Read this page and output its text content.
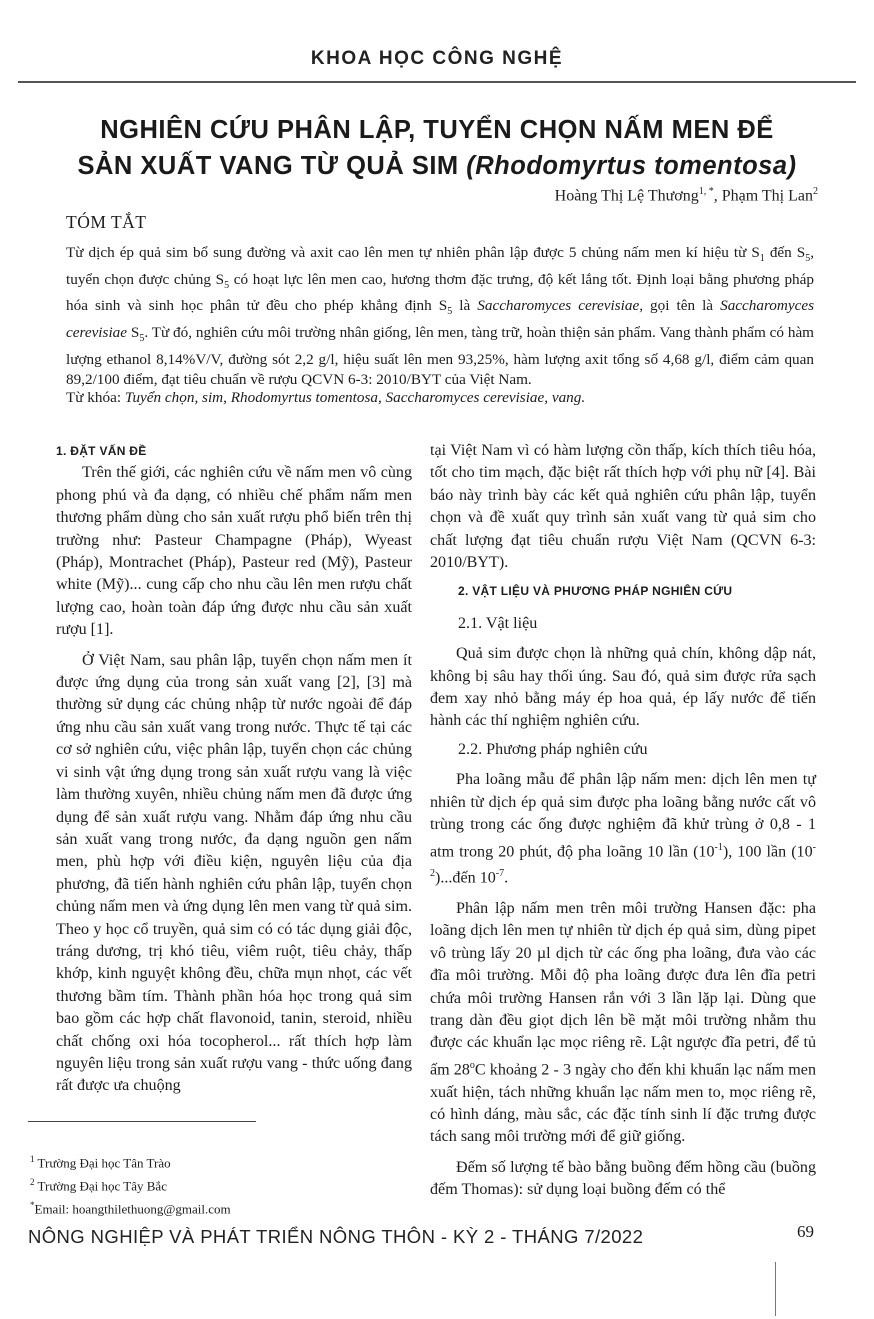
KHOA HỌC CÔNG NGHỆ
NGHIÊN CỨU PHÂN LẬP, TUYỂN CHỌN NẤM MEN ĐỂ
SẢN XUẤT VANG TỪ QUẢ SIM (Rhodomyrtus tomentosa)
Hoàng Thị Lệ Thương$^{1, *}$, Phạm Thị Lan$^2$
TÓM TẮT
Từ dịch ép quả sim bổ sung đường và axit cao lên men tự nhiên phân lập được 5 chủng nấm men kí hiệu từ $S_1$ đến $S_5$, tuyển chọn được chủng $S_5$ có hoạt lực lên men cao, hương thơm đặc trưng, độ kết lắng tốt. Định loại bằng phương pháp hóa sinh và sinh học phân tử đều cho phép khẳng định $S_5$ là Saccharomyces cerevisiae, gọi tên là Saccharomyces cerevisiae $S_5$. Từ đó, nghiên cứu môi trường nhân giống, lên men, tàng trữ, hoàn thiện sản phẩm. Vang thành phẩm có hàm lượng ethanol 8,14%V/V, đường sót 2,2 g/l, hiệu suất lên men 93,25%, hàm lượng axit tổng số 4,68 g/l, điểm cảm quan 89,2/100 điểm, đạt tiêu chuẩn về rượu QCVN 6-3: 2010/BYT của Việt Nam.
Từ khóa: Tuyển chọn, sim, Rhodomyrtus tomentosa, Saccharomyces cerevisiae, vang.

1. ĐẶT VẤN ĐỀ

Trên thế giới, các nghiên cứu về nấm men vô cùng phong phú và đa dạng, có nhiều chế phẩm nấm men thương phẩm dùng cho sản xuất rượu phổ biến trên thị trường như: Pasteur Champagne (Pháp), Wyeast (Pháp), Montrachet (Pháp), Pasteur red (Mỹ), Pasteur white (Mỹ)... cung cấp cho nhu cầu lên men rượu chất lượng cao, hoàn toàn đáp ứng được nhu cầu sản xuất rượu [1].

Ở Việt Nam, sau phân lập, tuyển chọn nấm men ít được ứng dụng của trong sản xuất vang [2], [3] mà thường sử dụng các chủng nhập từ nước ngoài để đáp ứng nhu cầu sản xuất vang trong nước. Thực tế tại các cơ sở nghiên cứu, việc phân lập, tuyển chọn các chủng vi sinh vật ứng dụng trong sản xuất rượu vang là việc làm thường xuyên, nhiều chủng nấm men đã được ứng dụng để sản xuất rượu vang. Nhằm đáp ứng nhu cầu sản xuất vang trong nước, đa dạng nguồn gen nấm men, phù hợp với điều kiện, nguyên liệu của địa phương, đã tiến hành nghiên cứu phân lập, tuyển chọn chủng nấm men và ứng dụng lên men vang từ quả sim. Theo y học cổ truyền, quả sim có có tác dụng giải độc, tráng dương, trị khó tiêu, viêm ruột, tiêu chảy, thấp khớp, kinh nguyệt không đều, chữa mụn nhọt, các vết thương bầm tím. Thành phần hóa học trong quả sim bao gồm các hợp chất flavonoid, tanin, steroid, nhiều chất chống oxi hóa tocopherol... rất thích hợp làm nguyên liệu trong sản xuất rượu vang - thức uống đang rất được ưa chuộng

tại Việt Nam vì có hàm lượng cồn thấp, kích thích tiêu hóa, tốt cho tim mạch, đặc biệt rất thích hợp với phụ nữ [4]. Bài báo này trình bày các kết quả nghiên cứu phân lập, tuyển chọn và đề xuất quy trình sản xuất vang từ quả sim cho chất lượng đạt tiêu chuẩn rượu Việt Nam (QCVN 6-3: 2010/BYT).

2. VẬT LIỆU VÀ PHƯƠNG PHÁP NGHIÊN CỨU

2.1. Vật liệu

Quả sim được chọn là những quả chín, không dập nát, không bị sâu hay thối úng. Sau đó, quả sim được rửa sạch đem xay nhỏ bằng máy ép hoa quả, ép lấy nước để tiến hành các thí nghiệm nghiên cứu.

2.2. Phương pháp nghiên cứu

Pha loãng mẫu để phân lập nấm men: dịch lên men tự nhiên từ dịch ép quả sim được pha loãng bằng nước cất vô trùng trong các ống được nghiệm đã khử trùng ở 0,8 - 1 atm trong 20 phút, độ pha loãng 10 lần $(10^{-1})$, 100 lần $(10^{-2})...đến$ $10^{-7}$.

Phân lập nấm men trên môi trường Hansen đặc: pha loãng dịch lên men tự nhiên từ dịch ép quả sim, dùng pipet vô trùng lấy 20 µl dịch từ các ống pha loãng, đưa vào các đĩa môi trường. Mỗi độ pha loãng được đưa lên đĩa petri chứa môi trường Hansen rắn với 3 lần lặp lại. Dùng que trang dàn đều giọt dịch lên bề mặt môi trường nhằm thu được các khuẩn lạc mọc riêng rẽ. Lật ngược đĩa petri, để tủ ấm 28$^o$C khoảng 2 - 3 ngày cho đến khi khuẩn lạc nấm men xuất hiện, tách những khuẩn lạc nấm men to, mọc riêng rẽ, có hình dáng, màu sắc, các đặc tính sinh lí đặc trưng được tách sang môi trường mới để giữ giống.

Đếm số lượng tế bào bằng buồng đếm hồng cầu (buồng đếm Thomas): sử dụng loại buồng đếm có thể

$^1$ Trường Đại học Tân Trào
$^2$ Trường Đại học Tây Bắc
*Email: hoangthilethuong@gmail.com
NÔNG NGHIỆP VÀ PHÁT TRIỂN NÔNG THÔN - KỲ 2 - THÁNG 7/2022	69
